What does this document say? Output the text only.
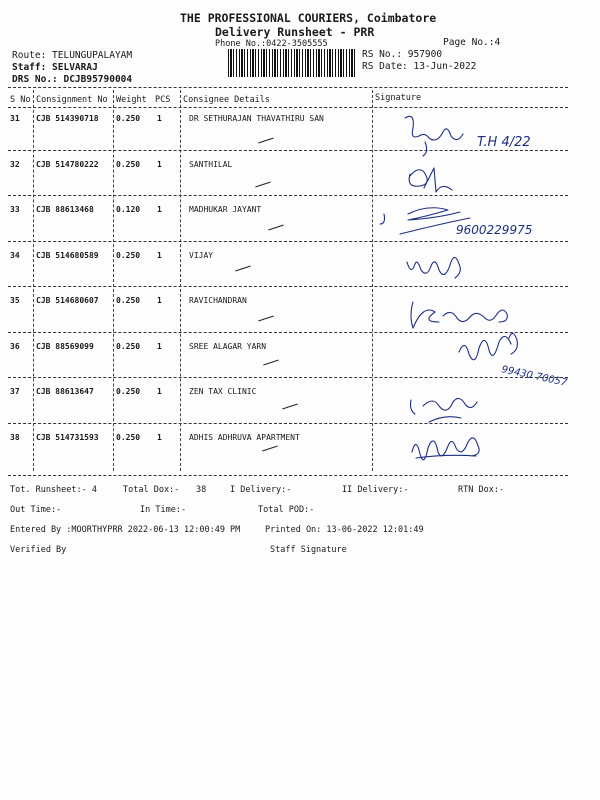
THE PROFESSIONAL COURIERS, Coimbatore
Delivery Runsheet - PRR
Phone No.:0422-3505555	Page No.:4
Route: TELUNGUPALAYAM
Staff: SELVARAJ
DRS No.: DCJB95790004
RS No.: 957900
RS Date: 13-Jun-2022
S No Consignment No Weight PCS Consignee Details	Signature
31 CJB 514390718 0.250 1	DR SETHURAJAN THAVATHIRU SAN
32 CJB 514780222 0.250 1	SANTHILAL
33 CJB 88613468	0.120 1	MADHUKAR JAYANT
34 CJB 514680589 0.250 1	VIJAY
35 CJB 514680607 0.250 1	RAVICHANDRAN
36 CJB 88569099	0.250 1	SREE ALAGAR YARN
37 CJB 88613647	0.250 1	ZEN TAX CLINIC
38 CJB 514731593 0.250 1	ADHIS ADHRUVA APARTMENT
T.H 4/22
9600229975
99430 70057
Tot. Runsheet:- 4	Total Dox:- 38	I Delivery:-	II Delivery:-	RTN Dox:-
Out Time:-	In Time:-	Total POD:-
Entered By :MOORTHYPRR 2022-06-13 12:00:49 PM	Printed On: 13-06-2022 12:01:49
Verified By	Staff Signature
